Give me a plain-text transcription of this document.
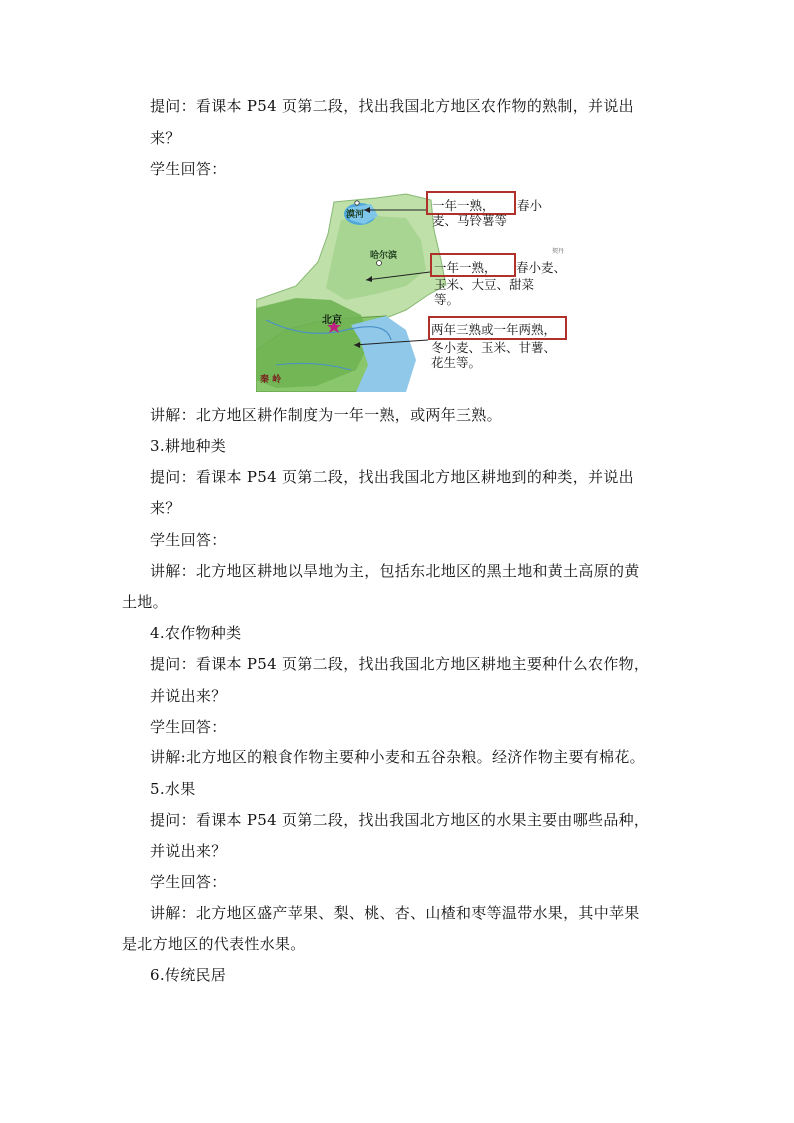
提问：看课本 P54 页第二段，找出我国北方地区农作物的熟制，并说出
来？
学生回答：
漠河
哈尔滨
北京
秦 岭
契丹
一年一熟， 春小
麦、马铃薯等
一年一熟， 春小麦、
玉米、大豆、甜菜
等。
两年三熟或一年两熟，
冬小麦、玉米、甘薯、
花生等。
讲解：北方地区耕作制度为一年一熟，或两年三熟。
3.耕地种类
提问：看课本 P54 页第二段，找出我国北方地区耕地到的种类，并说出
来？
学生回答：
讲解：北方地区耕地以旱地为主，包括东北地区的黑土地和黄土高原的黄
土地。
4.农作物种类
提问：看课本 P54 页第二段，找出我国北方地区耕地主要种什么农作物，
并说出来？
学生回答：
讲解:北方地区的粮食作物主要种小麦和五谷杂粮。经济作物主要有棉花。
5.水果
提问：看课本 P54 页第二段，找出我国北方地区的水果主要由哪些品种，
并说出来？
学生回答：
讲解：北方地区盛产苹果、梨、桃、杏、山楂和枣等温带水果，其中苹果
是北方地区的代表性水果。
6.传统民居
